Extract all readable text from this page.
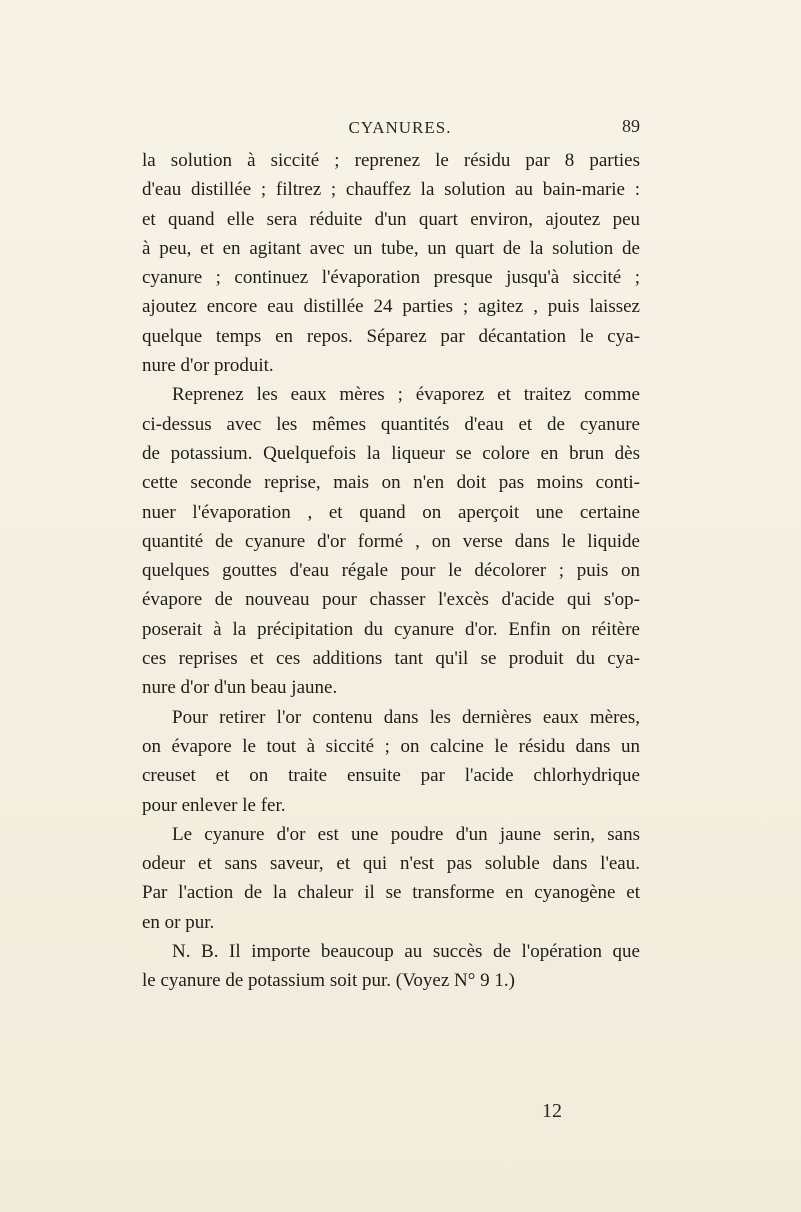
CYANURES.	89
la solution à siccité ; reprenez le résidu par 8 parties
d'eau distillée ; filtrez ; chauffez la solution au bain-marie :
et quand elle sera réduite d'un quart environ, ajoutez peu
à peu, et en agitant avec un tube, un quart de la solution de
cyanure ; continuez l'évaporation presque jusqu'à siccité ;
ajoutez encore eau distillée 24 parties ; agitez , puis laissez
quelque temps en repos. Séparez par décantation le cya-
nure d'or produit.
Reprenez les eaux mères ; évaporez et traitez comme
ci-dessus avec les mêmes quantités d'eau et de cyanure
de potassium. Quelquefois la liqueur se colore en brun dès
cette seconde reprise, mais on n'en doit pas moins conti-
nuer l'évaporation , et quand on aperçoit une certaine
quantité de cyanure d'or formé , on verse dans le liquide
quelques gouttes d'eau régale pour le décolorer ; puis on
évapore de nouveau pour chasser l'excès d'acide qui s'op-
poserait à la précipitation du cyanure d'or. Enfin on réitère
ces reprises et ces additions tant qu'il se produit du cya-
nure d'or d'un beau jaune.
Pour retirer l'or contenu dans les dernières eaux mères,
on évapore le tout à siccité ; on calcine le résidu dans un
creuset et on traite ensuite par l'acide chlorhydrique
pour enlever le fer.
Le cyanure d'or est une poudre d'un jaune serin, sans
odeur et sans saveur, et qui n'est pas soluble dans l'eau.
Par l'action de la chaleur il se transforme en cyanogène et
en or pur.
N. B. Il importe beaucoup au succès de l'opération que
le cyanure de potassium soit pur. (Voyez N° 9 1.)
12
